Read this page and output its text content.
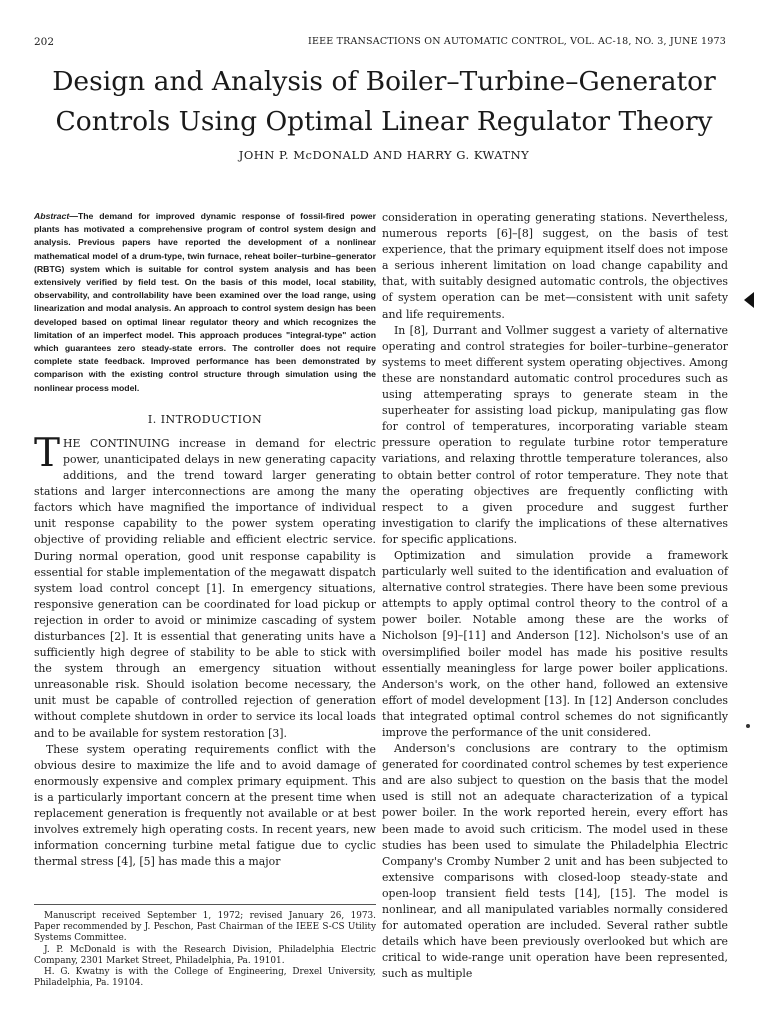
202	IEEE TRANSACTIONS ON AUTOMATIC CONTROL, VOL. AC-18, NO. 3, JUNE 1973
Design and Analysis of Boiler–Turbine–Generator
Controls Using Optimal Linear Regulator Theory
JOHN P. McDONALD AND HARRY G. KWATNY

Abstract—The demand for improved dynamic response of fossil-fired power plants has motivated a comprehensive program of control system design and analysis. Previous papers have reported the development of a nonlinear mathematical model of a drum-type, twin furnace, reheat boiler–turbine–generator (RBTG) system which is suitable for control system analysis and has been extensively verified by field test. On the basis of this model, local stability, observability, and controllability have been examined over the load range, using linearization and modal analysis. An approach to control system design has been developed based on optimal linear regulator theory and which recognizes the limitation of an imperfect model. This approach produces "integral-type" action which guarantees zero steady-state errors. The controller does not require complete state feedback. Improved performance has been demonstrated by comparison with the existing control structure through simulation using the nonlinear process model.

I. INTRODUCTION

THE CONTINUING increase in demand for electric power, unanticipated delays in new generating capacity additions, and the trend toward larger generating stations and larger interconnections are among the many factors which have magnified the importance of individual unit response capability to the power system operating objective of providing reliable and efficient electric service. During normal operation, good unit response capability is essential for stable implementation of the megawatt dispatch system load control concept [1]. In emergency situations, responsive generation can be coordinated for load pickup or rejection in order to avoid or minimize cascading of system disturbances [2]. It is essential that generating units have a sufficiently high degree of stability to be able to stick with the system through an emergency situation without unreasonable risk. Should isolation become necessary, the unit must be capable of controlled rejection of generation without complete shutdown in order to service its local loads and to be available for system restoration [3].

These system operating requirements conflict with the obvious desire to maximize the life and to avoid damage of enormously expensive and complex primary equipment. This is a particularly important concern at the present time when replacement generation is frequently not available or at best involves extremely high operating costs. In recent years, new information concerning turbine metal fatigue due to cyclic thermal stress [4], [5] has made this a major

consideration in operating generating stations. Nevertheless, numerous reports [6]–[8] suggest, on the basis of test experience, that the primary equipment itself does not impose a serious inherent limitation on load change capability and that, with suitably designed automatic controls, the objectives of system operation can be met—consistent with unit safety and life requirements.

In [8], Durrant and Vollmer suggest a variety of alternative operating and control strategies for boiler–turbine–generator systems to meet different system operating objectives. Among these are nonstandard automatic control procedures such as using attemperating sprays to generate steam in the superheater for assisting load pickup, manipulating gas flow for control of temperatures, incorporating variable steam pressure operation to regulate turbine rotor temperature variations, and relaxing throttle temperature tolerances, also to obtain better control of rotor temperature. They note that the operating objectives are frequently conflicting with respect to a given procedure and suggest further investigation to clarify the implications of these alternatives for specific applications.

Optimization and simulation provide a framework particularly well suited to the identification and evaluation of alternative control strategies. There have been some previous attempts to apply optimal control theory to the control of a power boiler. Notable among these are the works of Nicholson [9]–[11] and Anderson [12]. Nicholson's use of an oversimplified boiler model has made his positive results essentially meaningless for large power boiler applications. Anderson's work, on the other hand, followed an extensive effort of model development [13]. In [12] Anderson concludes that integrated optimal control schemes do not significantly improve the performance of the unit considered.

Anderson's conclusions are contrary to the optimism generated for coordinated control schemes by test experience and are also subject to question on the basis that the model used is still not an adequate characterization of a typical power boiler. In the work reported herein, every effort has been made to avoid such criticism. The model used in these studies has been used to simulate the Philadelphia Electric Company's Cromby Number 2 unit and has been subjected to extensive comparisons with closed-loop steady-state and open-loop transient field tests [14], [15]. The model is nonlinear, and all manipulated variables normally considered for automated operation are included. Several rather subtle details which have been previously overlooked but which are critical to wide-range unit operation have been represented, such as multiple

Manuscript received September 1, 1972; revised January 26, 1973. Paper recommended by J. Peschon, Past Chairman of the IEEE S-CS Utility Systems Committee.

J. P. McDonald is with the Research Division, Philadelphia Electric Company, 2301 Market Street, Philadelphia, Pa. 19101.

H. G. Kwatny is with the College of Engineering, Drexel University, Philadelphia, Pa. 19104.
